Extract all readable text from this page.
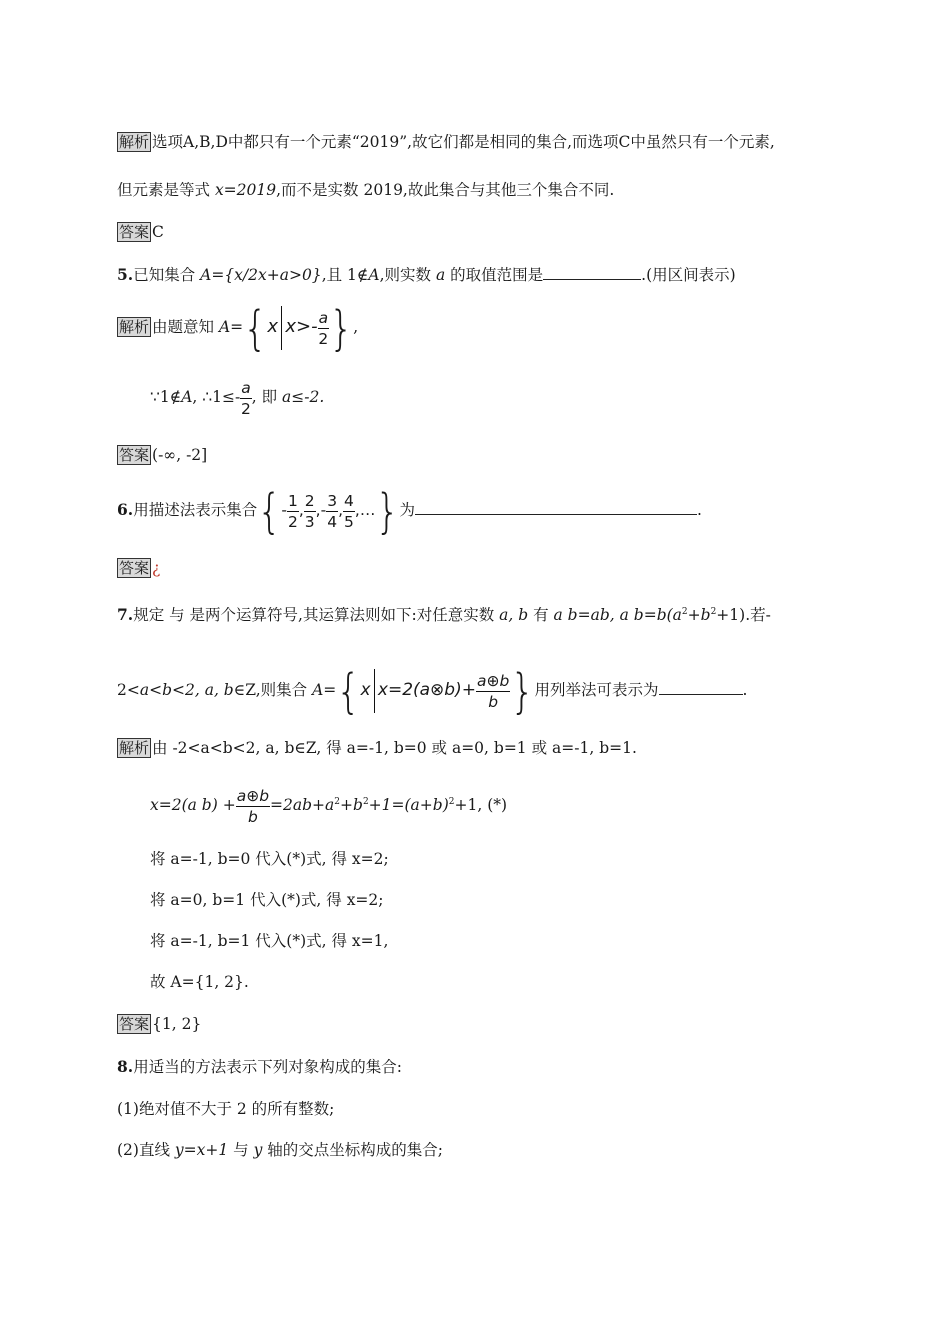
解析 选项A,B,D中都只有一个元素“2019”,故它们都是相同的集合,而选项C中虽然只有一个元素,
但元素是等式 x=2019,而不是实数 2019,故此集合与其他三个集合不同.
答案 C
5.已知集合 A={x/2x+a>0},且 1∉A,则实数 a 的取值范围是	.(用区间表示)
解析 由题意知 A={x $x>- \frac{a}{2}$ },
∵1∉A, ∴1≤- $\frac{a}{2}$ , 即 a≤-2.
答案 (-∞, -2]
6.用描述法表示集合{- $\frac{1}{2}$ , $\frac{2}{3}$ ,- $\frac{3}{4}$ , $\frac{4}{5}$ ,…}为	.
答案 ¿
7.规定 与 是两个运算符号,其运算法则如下:对任意实数 a, b 有 a b=ab, a $b=b(a^2+b^2+1)$.若-
2<a<b<2, a, b∈Z,则集合 A={x x=2(a⊗b)+ $\frac{a\oplus b}{b}$ }用列举法可表示为	.
解析 由 -2<a<b<2, a, b∈Z, 得 a=-1, b=0 或 a=0, b=1 或 a=-1, b=1.
x=2(a $b) + \frac{a\oplus b}{b} =2ab+a^2+b^2+1=(a+b)^2+1$, (*)
将 a=-1, b=0 代入(*)式, 得 x=2;
将 a=0, b=1 代入(*)式, 得 x=2;
将 a=-1, b=1 代入(*)式, 得 x=1,
故 A={1, 2}.
答案 {1, 2}
8.用适当的方法表示下列对象构成的集合:
(1)绝对值不大于 2 的所有整数;
(2)直线 y=x+1 与 y 轴的交点坐标构成的集合;
